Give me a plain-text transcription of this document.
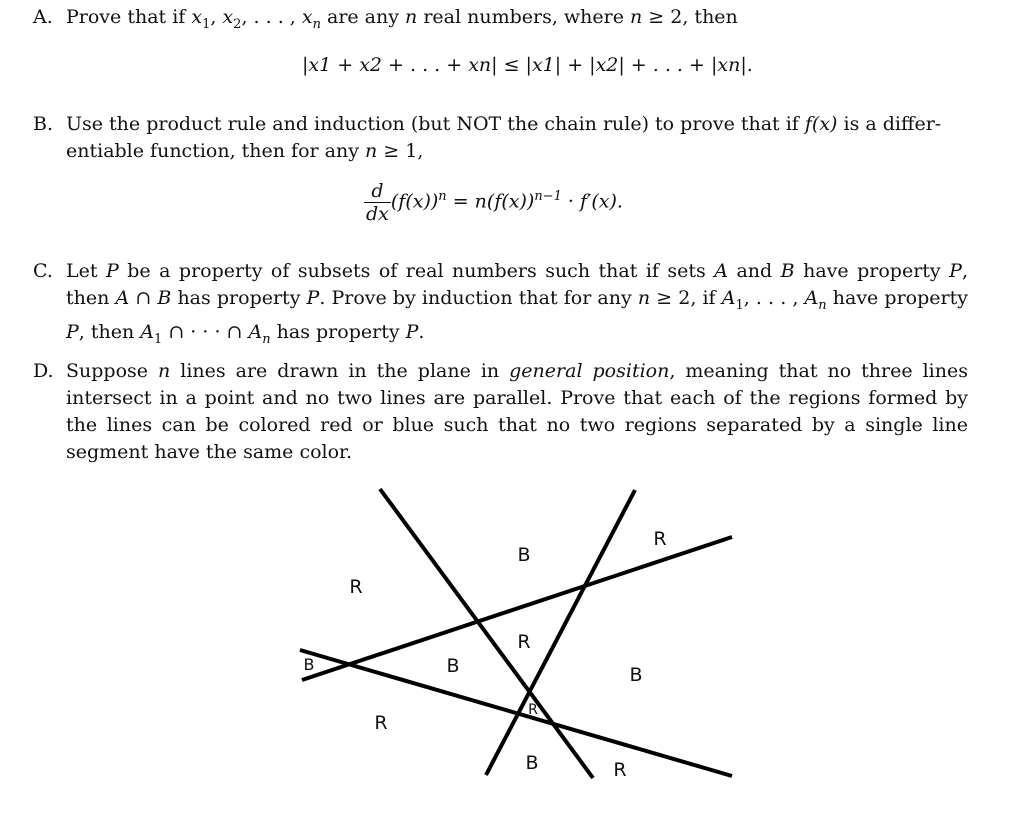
A. Prove that if $x_1$, $x_2$, . . . , $x_n$ are any n real numbers, where n ≥ 2, then
|x1 + x2 + . . . + xn| ≤ |x1| + |x2| + . . . + |xn|.
B. Use the product rule and induction (but NOT the chain rule) to prove that if f(x) is a differ-
entiable function, then for any n ≥ 1,
$\frac{d}{dx} (f(x))^n = n(f(x))^{n-1} \cdot f'(x)$.
C. Let P be a property of subsets of real numbers such that if sets A and B have property P, then A ∩ B has property P. Prove by induction that for any n ≥ 2, if $A_1$, . . . , $A_n$ have property P, then $A_1$ ∩ · · · ∩ $A_n$ has property P.
D. Suppose n lines are drawn in the plane in general position, meaning that no three lines intersect in a point and no two lines are parallel. Prove that each of the regions formed by the lines can be colored red or blue such that no two regions separated by a single line segment have the same color.
R
B
R
B
R
B
R
B
R
B	R
